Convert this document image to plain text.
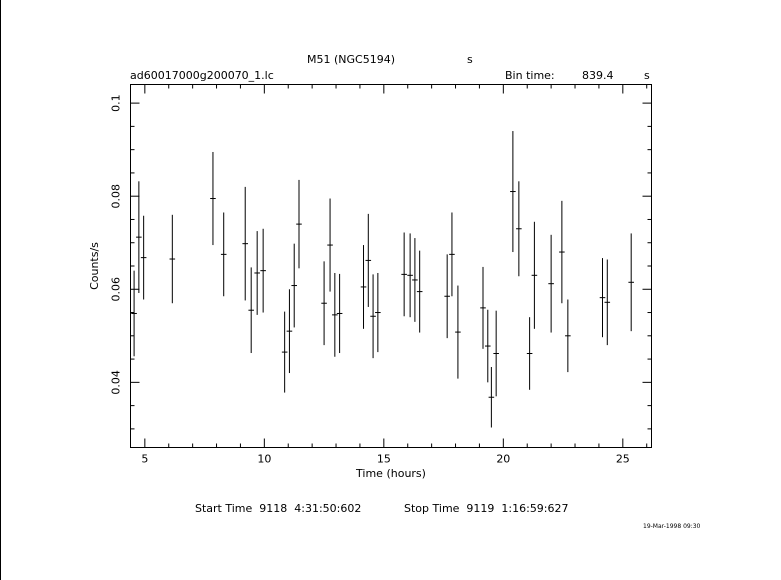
M51 (NGC5194)	s
ad60017000g200070_1.lc	Bin time: 839.4	s
5	10	15	20	25
0.04
0.06
0.08
0.1
Time (hours)
Counts/s
Start Time  9118  4:31:50:602	Stop Time  9119  1:16:59:627
19-Mar-1998 09:30
